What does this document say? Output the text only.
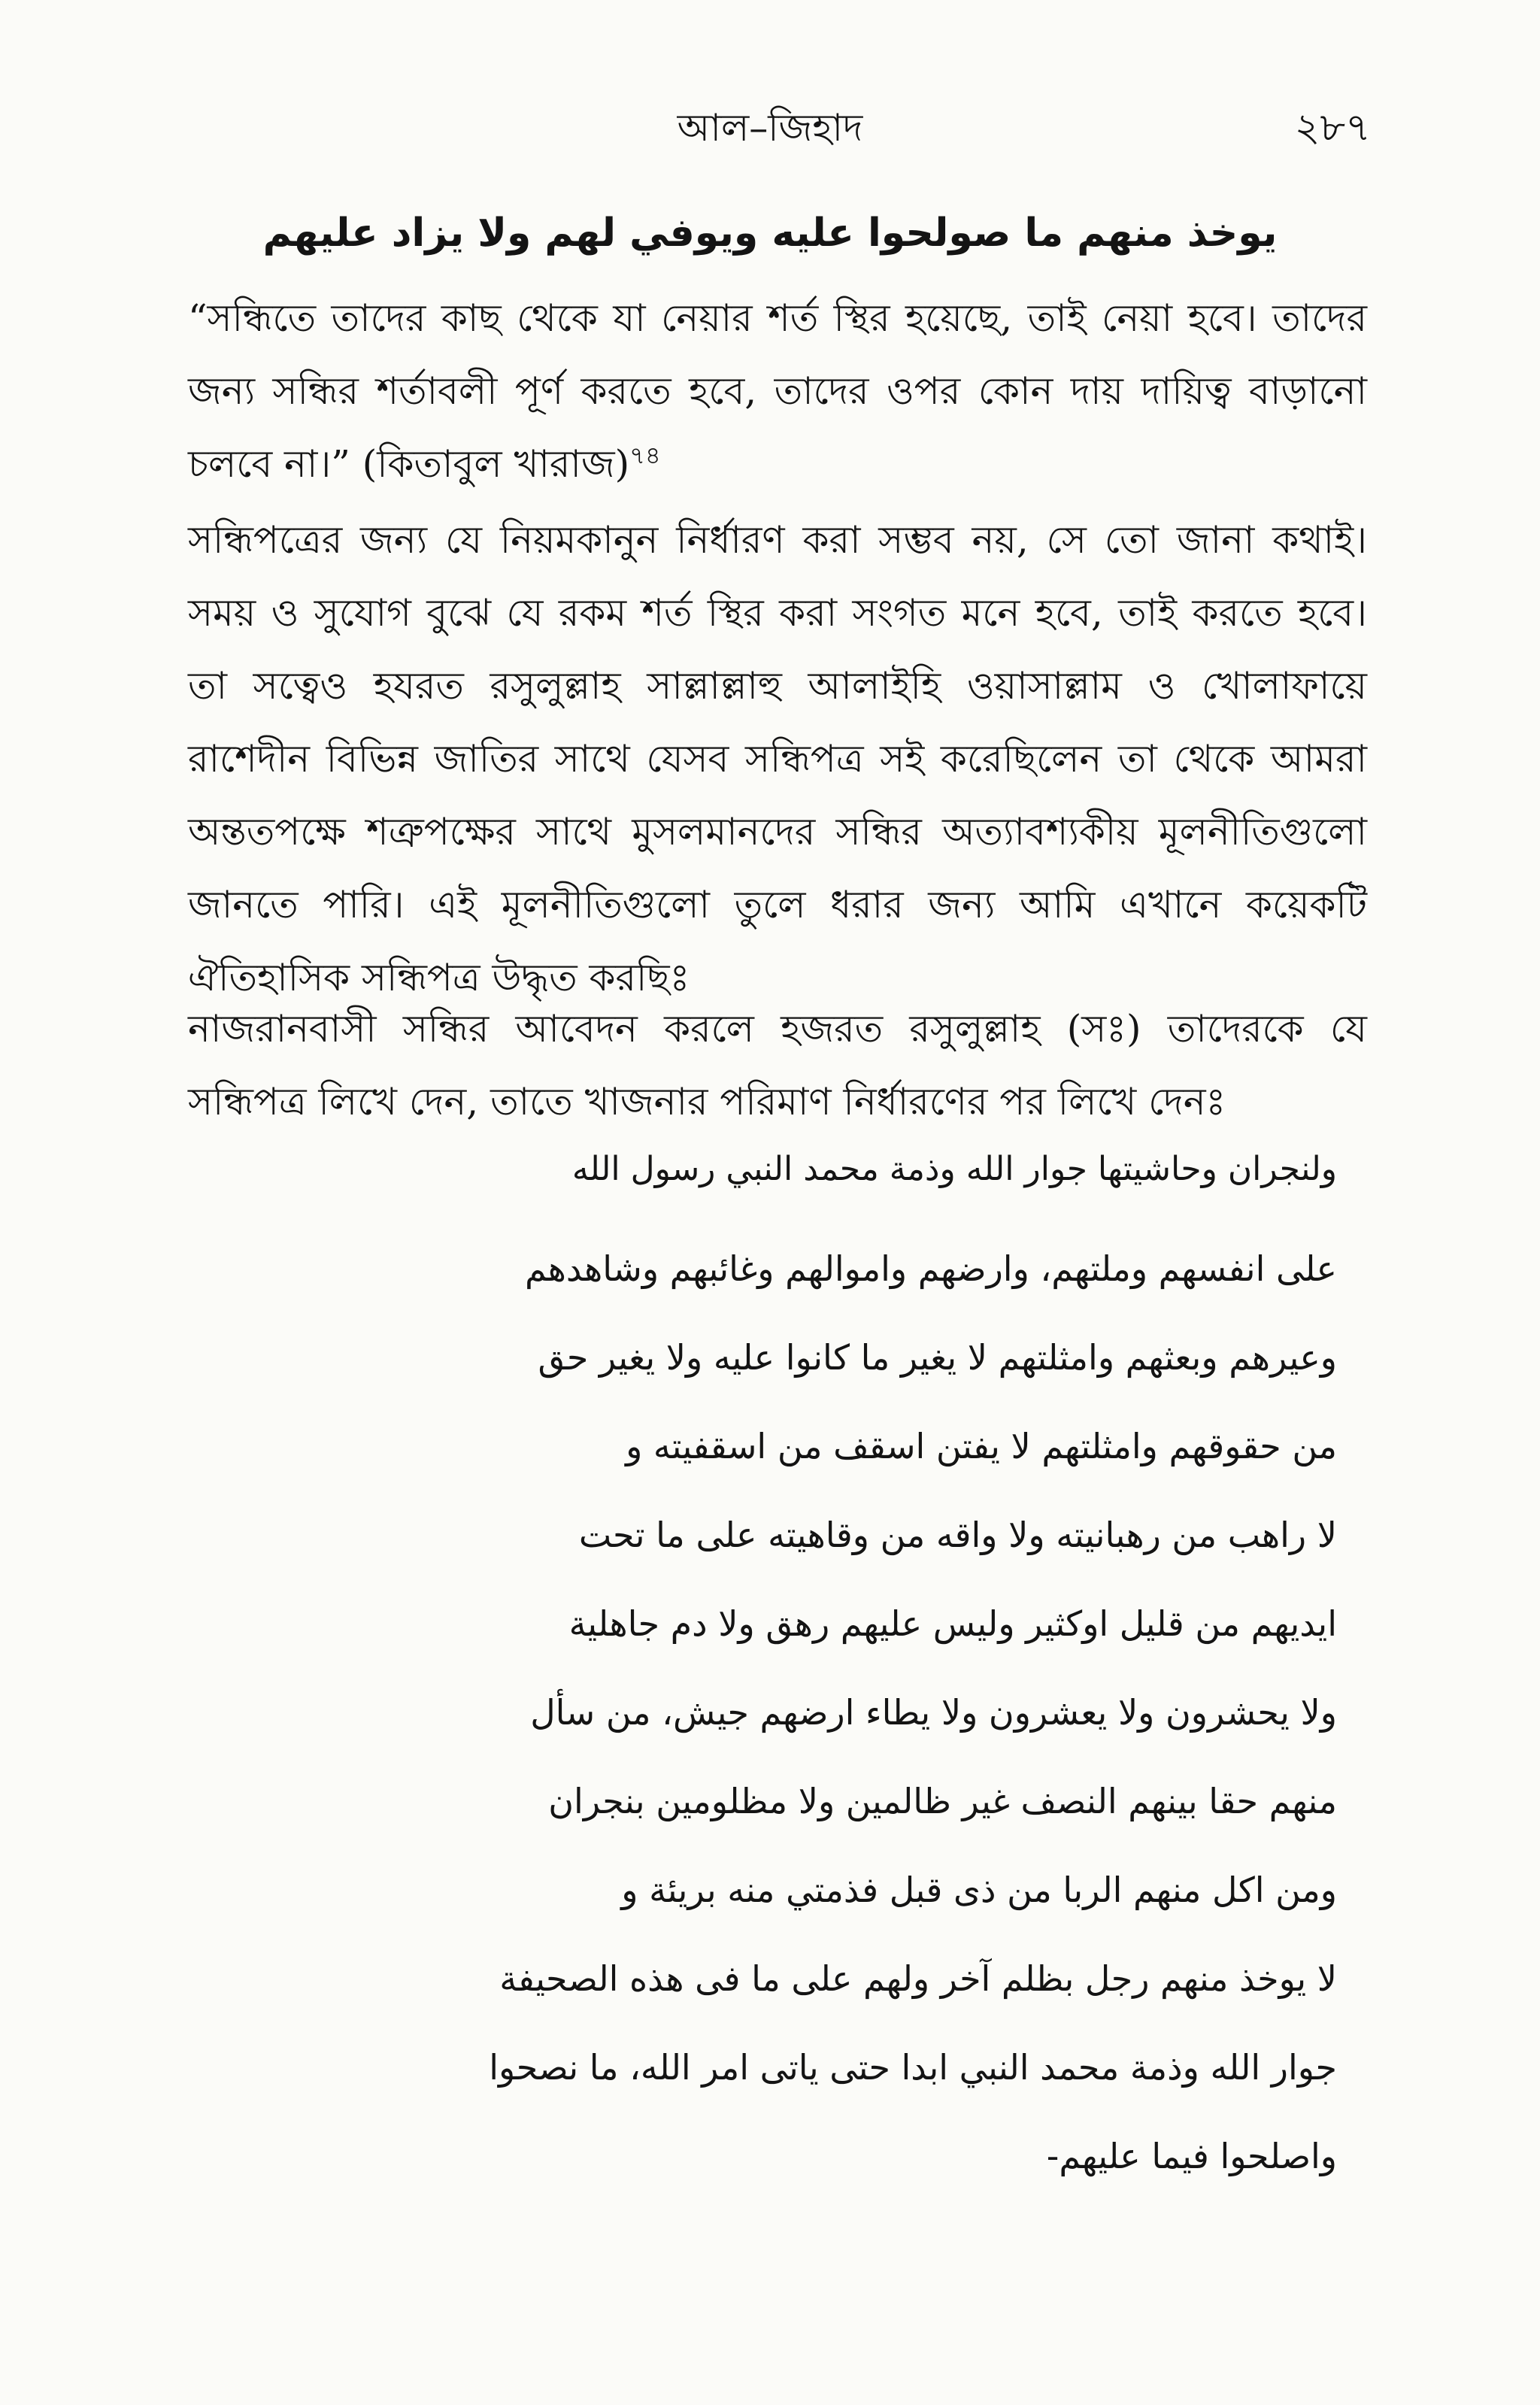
আল–জিহাদ	২৮৭
يوخذ منهم ما صولحوا عليه ويوفي لهم ولا يزاد عليهم

“সন্ধিতে তাদের কাছ থেকে যা নেয়ার শর্ত স্থির হয়েছে, তাই নেয়া হবে। তাদের জন্য সন্ধির শর্তাবলী পূর্ণ করতে হবে, তাদের ওপর কোন দায় দায়িত্ব বাড়ানো চলবে না।” (কিতাবুল খারাজ)$^{৭৪}$

সন্ধিপত্রের জন্য যে নিয়মকানুন নির্ধারণ করা সম্ভব নয়, সে তো জানা কথাই। সময় ও সুযোগ বুঝে যে রকম শর্ত স্থির করা সংগত মনে হবে, তাই করতে হবে। তা সত্বেও হযরত রসুলুল্লাহ সাল্লাল্লাহু আলাইহি ওয়াসাল্লাম ও খোলাফায়ে রাশেদীন বিভিন্ন জাতির সাথে যেসব সন্ধিপত্র সই করেছিলেন তা থেকে আমরা অন্ততপক্ষে শত্রুপক্ষের সাথে মুসলমানদের সন্ধির অত্যাবশ্যকীয় মূলনীতিগুলো জানতে পারি। এই মূলনীতিগুলো তুলে ধরার জন্য আমি এখানে কয়েকটি ঐতিহাসিক সন্ধিপত্র উদ্ধৃত করছিঃ

নাজরানবাসী সন্ধির আবেদন করলে হজরত রসুলুল্লাহ (সঃ) তাদেরকে যে সন্ধিপত্র লিখে দেন, তাতে খাজনার পরিমাণ নির্ধারণের পর লিখে দেনঃ

ولنجران وحاشيتها جوار الله وذمة محمد النبي رسول الله

على انفسهم وملتهم، وارضهم واموالهم وغائبهم وشاهدهم

وعيرهم وبعثهم وامثلتهم لا يغير ما كانوا عليه ولا يغير حق

من حقوقهم وامثلتهم لا يفتن اسقف من اسقفيته و

لا راهب من رهبانيته ولا واقه من وقاهيته على ما تحت

ايديهم من قليل اوكثير وليس عليهم رهق ولا دم جاهلية

ولا يحشرون ولا يعشرون ولا يطاء ارضهم جيش، من سأل

منهم حقا بينهم النصف غير ظالمين ولا مظلومين بنجران

ومن اكل منهم الربا من ذى قبل فذمتي منه بريئة و

لا يوخذ منهم رجل بظلم آخر ولهم على ما فى هذه الصحيفة

جوار الله وذمة محمد النبي ابدا حتى ياتى امر الله، ما نصحوا

واصلحوا فيما عليهم-
